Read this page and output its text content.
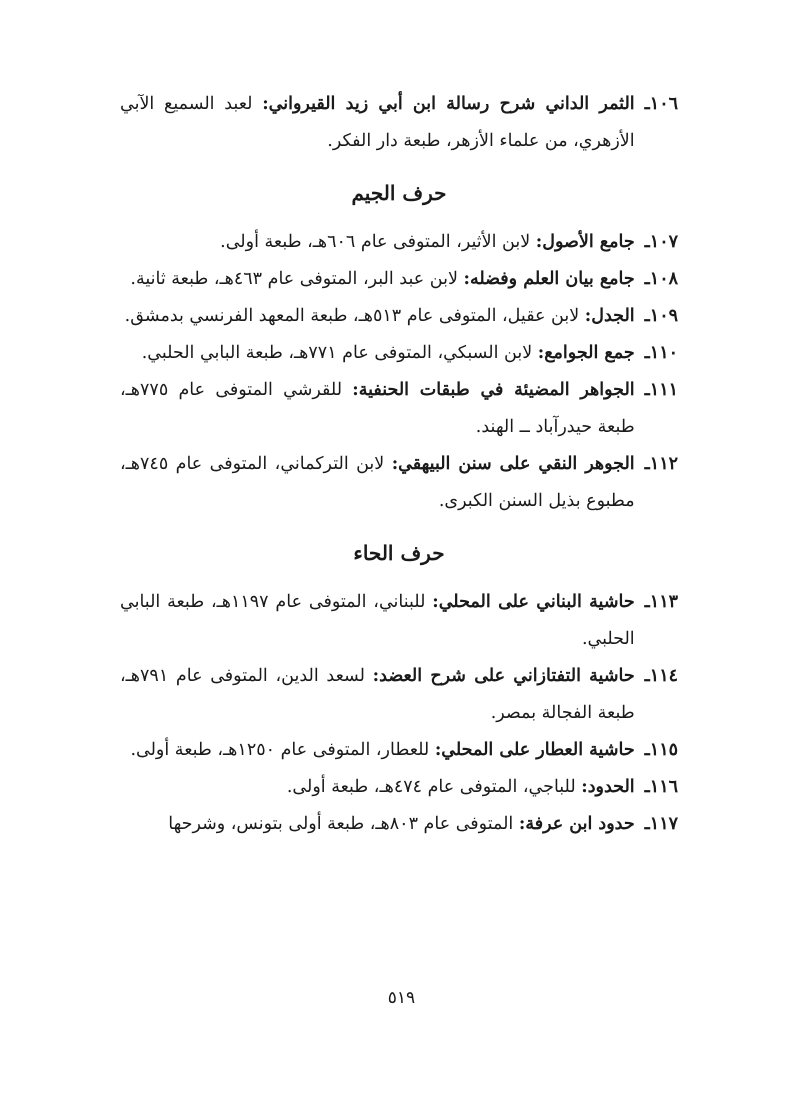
١٠٦ـ
الثمر الداني شرح رسالة ابن أبي زيد القيرواني: لعبد السميع الآبي الأزهري، من علماء الأزهر، طبعة دار الفكر.
حرف الجيم
١٠٧ـ
جامع الأصول: لابن الأثير، المتوفى عام ٦٠٦هـ، طبعة أولى.
١٠٨ـ
جامع بيان العلم وفضله: لابن عبد البر، المتوفى عام ٤٦٣هـ، طبعة ثانية.
١٠٩ـ
الجدل: لابن عقيل، المتوفى عام ٥١٣هـ، طبعة المعهد الفرنسي بدمشق.
١١٠ـ
جمع الجوامع: لابن السبكي، المتوفى عام ٧٧١هـ، طبعة البابي الحلبي.
١١١ـ
الجواهر المضيئة في طبقات الحنفية: للقرشي المتوفى عام ٧٧٥هـ، طبعة حيدرآباد ــ الهند.
١١٢ـ
الجوهر النقي على سنن البيهقي: لابن التركماني، المتوفى عام ٧٤٥هـ، مطبوع بذيل السنن الكبرى.
حرف الحاء
١١٣ـ
حاشية البناني على المحلي: للبناني، المتوفى عام ١١٩٧هـ، طبعة البابي الحلبي.
١١٤ـ
حاشية التفتازاني على شرح العضد: لسعد الدين، المتوفى عام ٧٩١هـ، طبعة الفجالة بمصر.
١١٥ـ
حاشية العطار على المحلي: للعطار، المتوفى عام ١٢٥٠هـ، طبعة أولى.
١١٦ـ
الحدود: للباجي، المتوفى عام ٤٧٤هـ، طبعة أولى.
١١٧ـ
حدود ابن عرفة: المتوفى عام ٨٠٣هـ، طبعة أولى بتونس، وشرحها
٥١٩
